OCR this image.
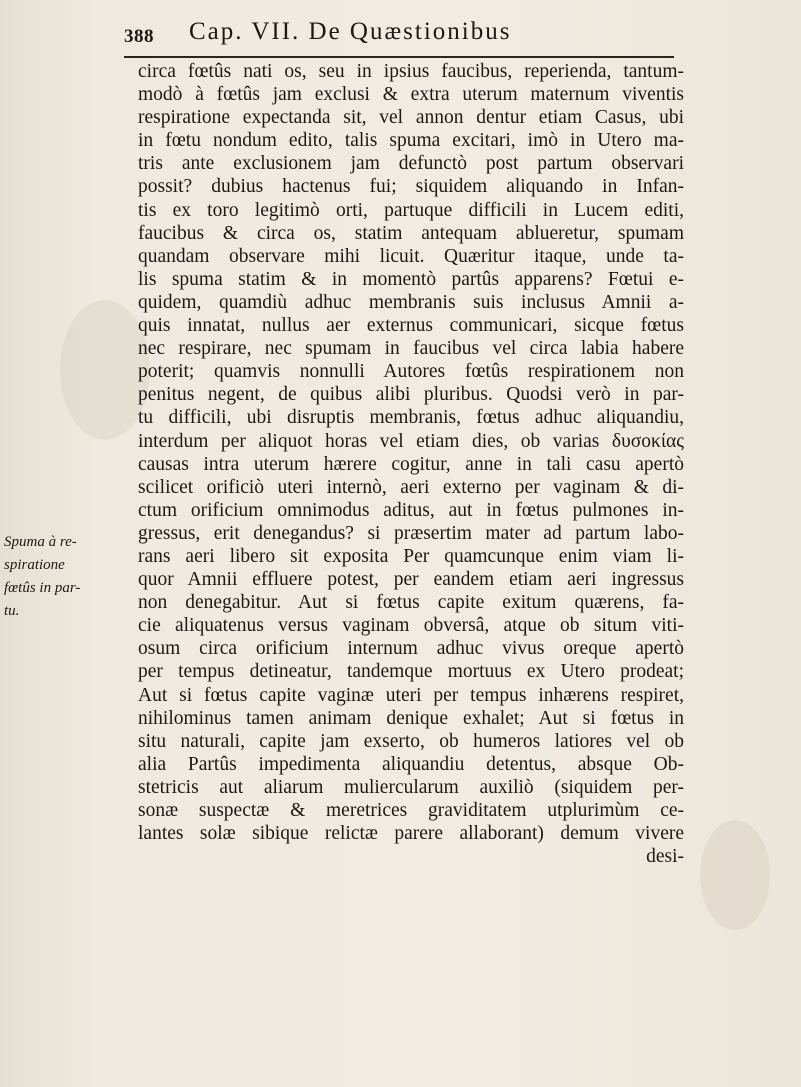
388 Cap. VII. De Quæstionibus
Spuma à re-
spiratione
fœtûs in par-
tu.
circa fœtûs nati os, seu in ipsius faucibus, reperienda, tantum-
modò à fœtûs jam exclusi & extra uterum maternum viventis
respiratione expectanda sit, vel annon dentur etiam Casus, ubi
in fœtu nondum edito, talis spuma excitari, imò in Utero ma-
tris ante exclusionem jam defunctò post partum observari
possit? dubius hactenus fui; siquidem aliquando in Infan-
tis ex toro legitimò orti, partuque difficili in Lucem editi,
faucibus & circa os, statim antequam ablueretur, spumam
quandam observare mihi licuit. Quæritur itaque, unde ta-
lis spuma statim & in momentò partûs apparens? Fœtui e-
quidem, quamdiù adhuc membranis suis inclusus Amnii a-
quis innatat, nullus aer externus communicari, sicque fœtus
nec respirare, nec spumam in faucibus vel circa labia habere
poterit; quamvis nonnulli Autores fœtûs respirationem non
penitus negent, de quibus alibi pluribus. Quodsi verò in par-
tu difficili, ubi disruptis membranis, fœtus adhuc aliquandiu,
interdum per aliquot horas vel etiam dies, ob varias δυσοκίας
causas intra uterum hærere cogitur, anne in tali casu apertò
scilicet orificiò uteri internò, aeri externo per vaginam & di-
ctum orificium omnimodus aditus, aut in fœtus pulmones in-
gressus, erit denegandus? si præsertim mater ad partum labo-
rans aeri libero sit exposita Per quamcunque enim viam li-
quor Amnii effluere potest, per eandem etiam aeri ingressus
non denegabitur. Aut si fœtus capite exitum quærens, fa-
cie aliquatenus versus vaginam obversâ, atque ob situm viti-
osum circa orificium internum adhuc vivus oreque apertò
per tempus detineatur, tandemque mortuus ex Utero prodeat;
Aut si fœtus capite vaginæ uteri per tempus inhærens respiret,
nihilominus tamen animam denique exhalet; Aut si fœtus in
situ naturali, capite jam exserto, ob humeros latiores vel ob
alia Partûs impedimenta aliquandiu detentus, absque Ob-
stetricis aut aliarum muliercularum auxiliò (siquidem per-
sonæ suspectæ & meretrices graviditatem utplurimùm ce-
lantes solæ sibique relictæ parere allaborant) demum vivere
desi-
